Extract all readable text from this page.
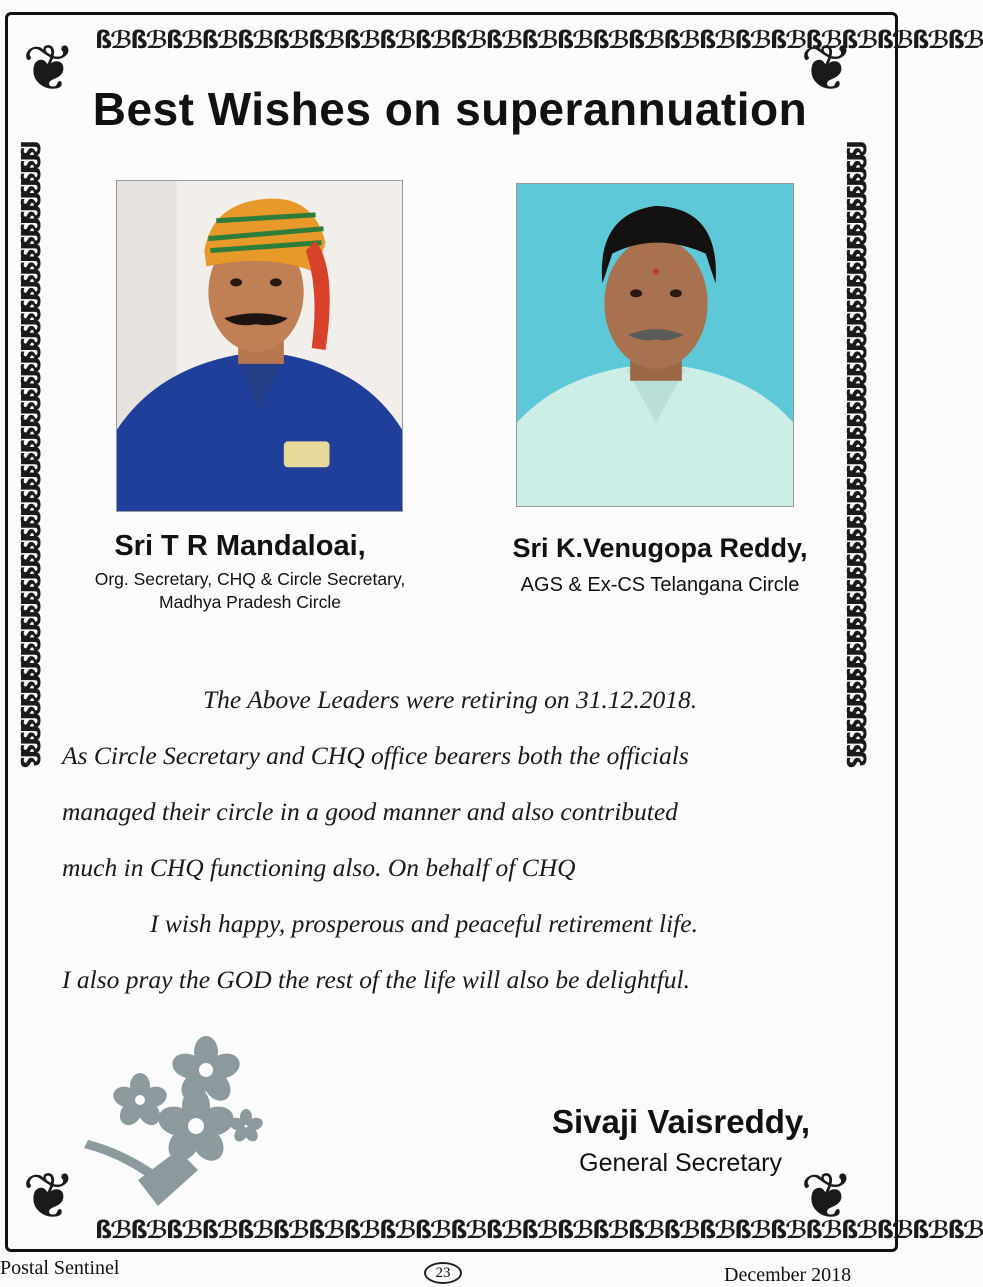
❦	❦
❦	❦
ßℬßℬßℬßℬßℬßℬßℬßℬßℬßℬßℬßℬßℬßℬßℬßℬßℬßℬßℬßℬßℬßℬßℬßℬßℬ
ßℬßℬßℬßℬßℬßℬßℬßℬßℬßℬßℬßℬßℬßℬßℬßℬßℬßℬßℬßℬßℬßℬßℬßℬßℬ
ßßßßßßßßßßßßßßßßßßßßßßßßßßßßßßßßßßßßßßßßßßßßßßßßß	ßßßßßßßßßßßßßßßßßßßßßßßßßßßßßßßßßßßßßßßßßßßßßßßßß
Best Wishes on superannuation

Sri T R Mandaloai,

Org. Secretary, CHQ & Circle Secretary,
Madhya Pradesh Circle

Sri K.Venugopa Reddy,

AGS & Ex-CS Telangana Circle

The Above Leaders were retiring on 31.12.2018.

As Circle Secretary and CHQ office bearers both the officials

managed their circle in a good manner and also contributed

much in CHQ functioning also. On behalf of CHQ

I wish happy, prosperous and peaceful retirement life.

I also pray the GOD the rest of the life will also be delightful.

Sivaji Vaisreddy,

General Secretary
Postal Sentinel	23	December 2018
